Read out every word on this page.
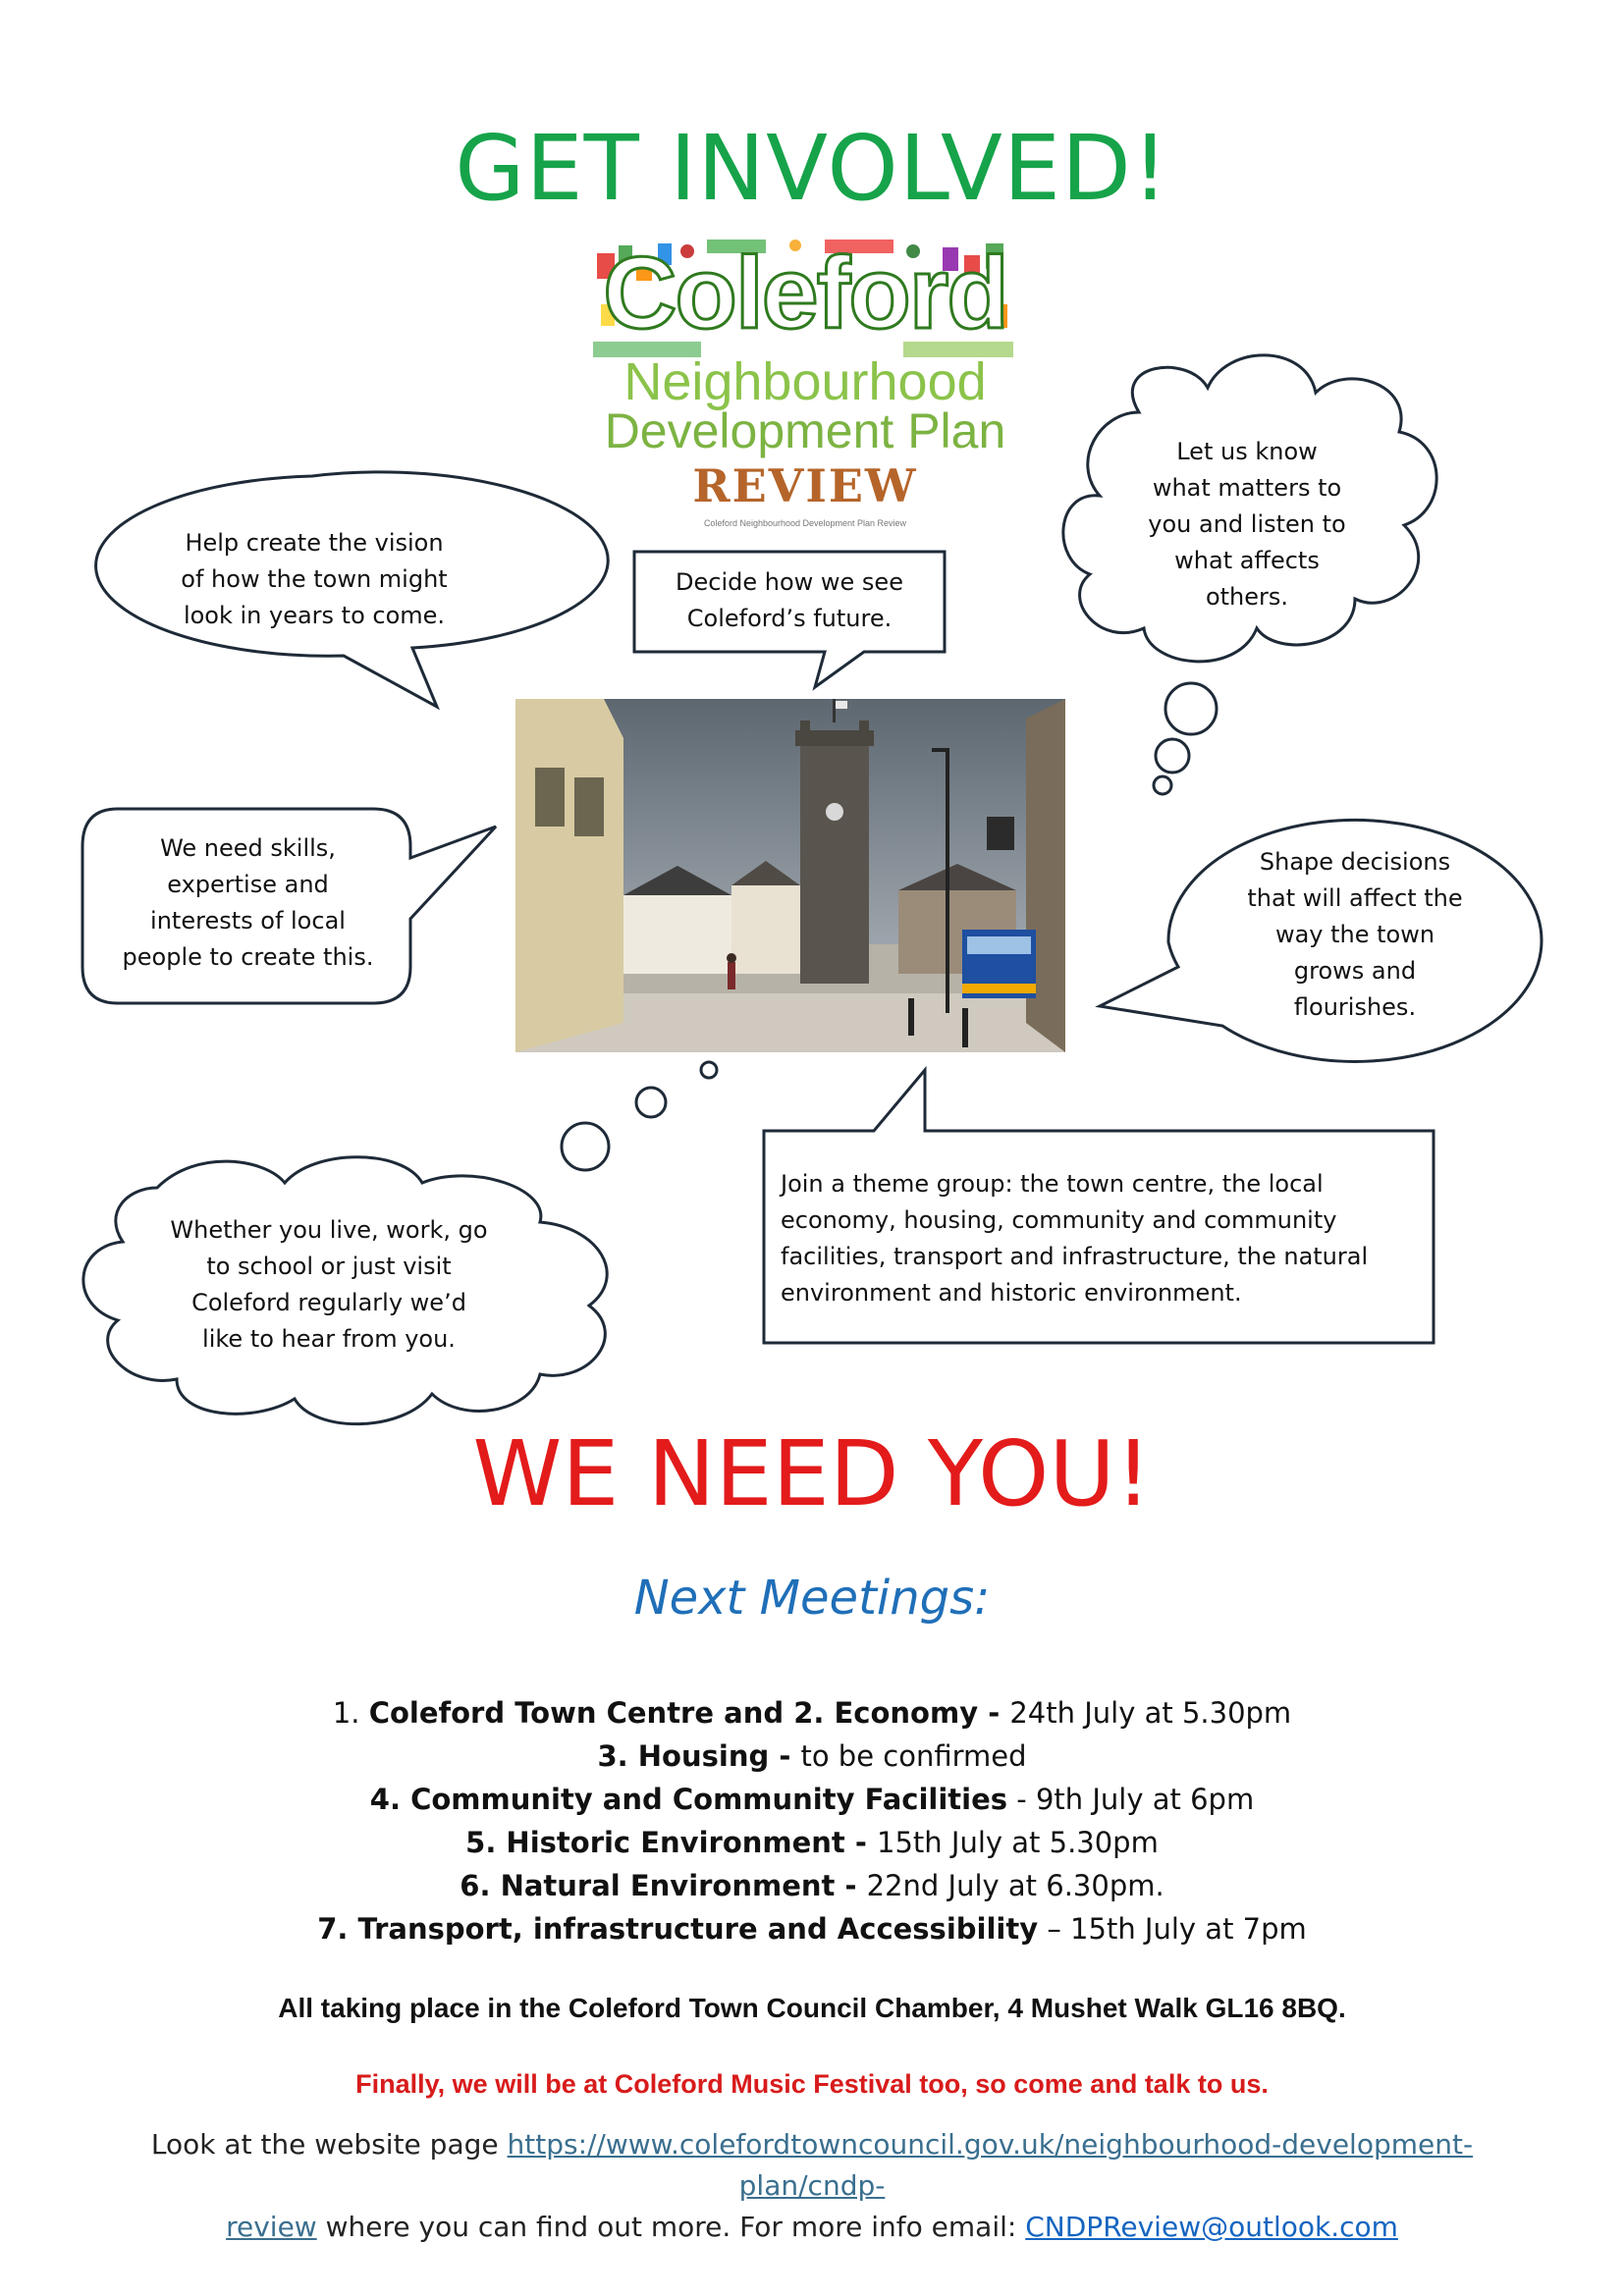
GET INVOLVED!
Coleford
Neighbourhood
Development Plan
REVIEW
Coleford Neighbourhood Development Plan Review
Help create the vision
of how the town might
look in years to come.
Decide how we see
Coleford’s future.
Let us know
what matters to
you and listen to
what affects
others.
We need skills,
expertise and
interests of local
people to create this.
Shape decisions
that will affect the
way the town
grows and
flourishes.
Join a theme group: the town centre, the local
economy, housing, community and community
facilities, transport and infrastructure, the natural
environment and historic environment.
Whether you live, work, go
to school or just visit
Coleford regularly we’d
like to hear from you.
WE NEED YOU!
Next Meetings:
1. Coleford Town Centre and 2. Economy - 24th July at 5.30pm
3. Housing - to be confirmed
4. Community and Community Facilities - 9th July at 6pm
5. Historic Environment - 15th July at 5.30pm
6. Natural Environment - 22nd July at 6.30pm.
7. Transport, infrastructure and Accessibility – 15th July at 7pm
All taking place in the Coleford Town Council Chamber, 4 Mushet Walk GL16 8BQ.
Finally, we will be at Coleford Music Festival too, so come and talk to us.
Look at the website page https://www.colefordtowncouncil.gov.uk/neighbourhood-development-plan/cndp-
review where you can find out more. For more info email: CNDPReview@outlook.com
